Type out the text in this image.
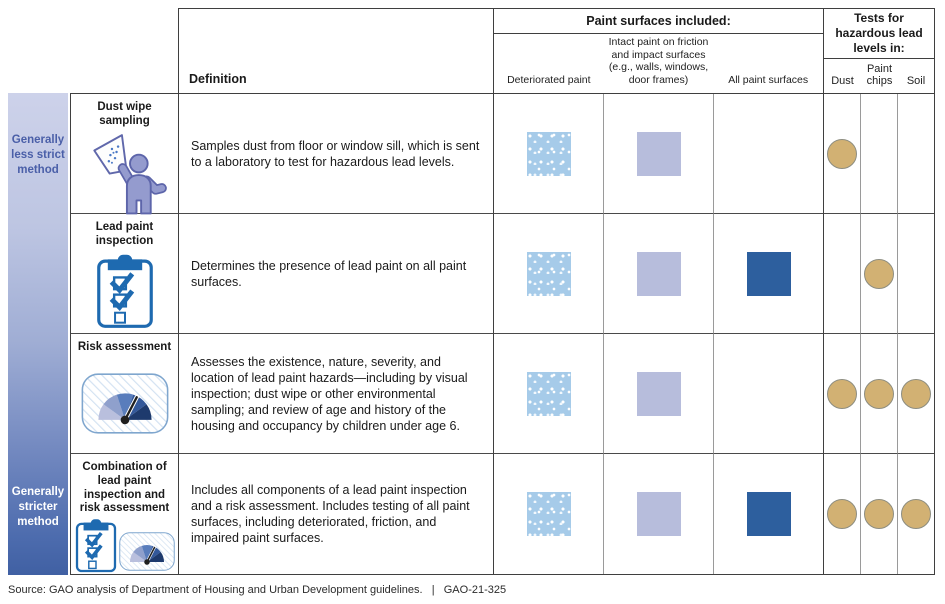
Generally less strict method
Generally stricter method
Definition
Paint surfaces included:
Deteriorated paint
Intact paint on friction and impact surfaces (e.g., walls, windows, door frames)	All paint surfaces
Tests for hazardous lead levels in:
Dust
Paint chips	Soil
Dust wipe sampling

Samples dust from floor or window sill, which is sent to a laboratory to test for hazardous lead levels.

Lead paint inspection

Determines the presence of lead paint on all paint surfaces.

Risk assessment

Assesses the existence, nature, severity, and location of lead paint hazards—including by visual inspection; dust wipe or other environmental sampling; and review of age and history of the housing and occupancy by children under age 6.

Combination of lead paint inspection and risk assessment

Includes all components of a lead paint inspection and a risk assessment. Includes testing of all paint surfaces, including deteriorated, friction, and impaired paint surfaces.

Source: GAO analysis of Department of Housing and Urban Development guidelines.   |   GAO-21-325
